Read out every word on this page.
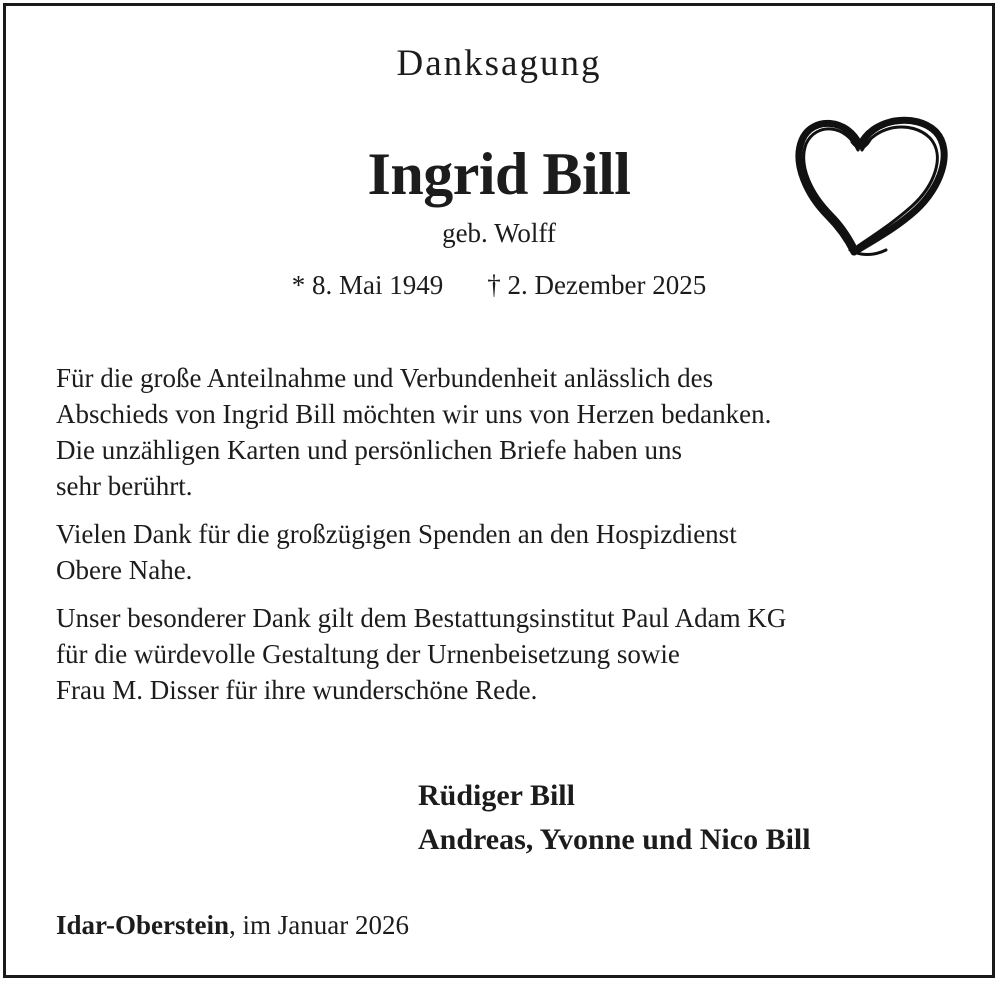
Danksagung
Ingrid Bill
geb. Wolff
* 8. Mai 1949 † 2. Dezember 2025
Für die große Anteilnahme und Verbundenheit anlässlich des
Abschieds von Ingrid Bill möchten wir uns von Herzen bedanken.
Die unzähligen Karten und persönlichen Briefe haben uns
sehr berührt.
Vielen Dank für die großzügigen Spenden an den Hospizdienst
Obere Nahe.
Unser besonderer Dank gilt dem Bestattungsinstitut Paul Adam KG
für die würdevolle Gestaltung der Urnenbeisetzung sowie
Frau M. Disser für ihre wunderschöne Rede.
Rüdiger Bill
Andreas, Yvonne und Nico Bill
Idar-Oberstein, im Januar 2026
